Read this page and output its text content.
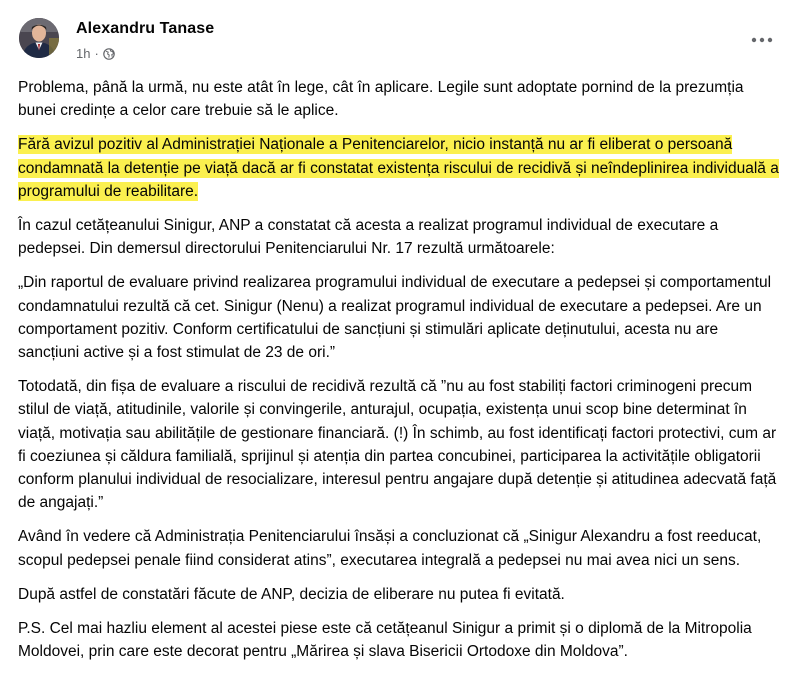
Alexandru Tanase
1h ·

Problema, până la urmă, nu este atât în lege, cât în aplicare. Legile sunt adoptate pornind de la prezumția bunei credințe a celor care trebuie să le aplice.

Fără avizul pozitiv al Administrației Naționale a Penitenciarelor, nicio instanță nu ar fi eliberat o persoană condamnată la detenție pe viață dacă ar fi constatat existența riscului de recidivă și neîndeplinirea individuală a programului de reabilitare.

În cazul cetățeanului Sinigur, ANP a constatat că acesta a realizat programul individual de executare a pedepsei. Din demersul directorului Penitenciarului Nr. 17 rezultă următoarele:

„Din raportul de evaluare privind realizarea programului individual de executare a pedepsei și comportamentul condamnatului rezultă că cet. Sinigur (Nenu) a realizat programul individual de executare a pedepsei. Are un comportament pozitiv. Conform certificatului de sancțiuni și stimulări aplicate deținutului, acesta nu are sancțiuni active și a fost stimulat de 23 de ori.”

Totodată, din fișa de evaluare a riscului de recidivă rezultă că ”nu au fost stabiliți factori criminogeni precum stilul de viață, atitudinile, valorile și convingerile, anturajul, ocupația, existența unui scop bine determinat în viață, motivația sau abilitățile de gestionare financiară. (!) În schimb, au fost identificați factori protectivi, cum ar fi coeziunea și căldura familială, sprijinul și atenția din partea concubinei, participarea la activitățile obligatorii conform planului individual de resocializare, interesul pentru angajare după detenție și atitudinea adecvată față de angajați.”

Având în vedere că Administrația Penitenciarului însăși a concluzionat că „Sinigur Alexandru a fost reeducat, scopul pedepsei penale fiind considerat atins”, executarea integrală a pedepsei nu mai avea nici un sens.

După astfel de constatări făcute de ANP, decizia de eliberare nu putea fi evitată.

P.S. Cel mai hazliu element al acestei piese este că cetățeanul Sinigur a primit și o diplomă de la Mitropolia Moldovei, prin care este decorat pentru „Mărirea și slava Bisericii Ortodoxe din Moldova”.
